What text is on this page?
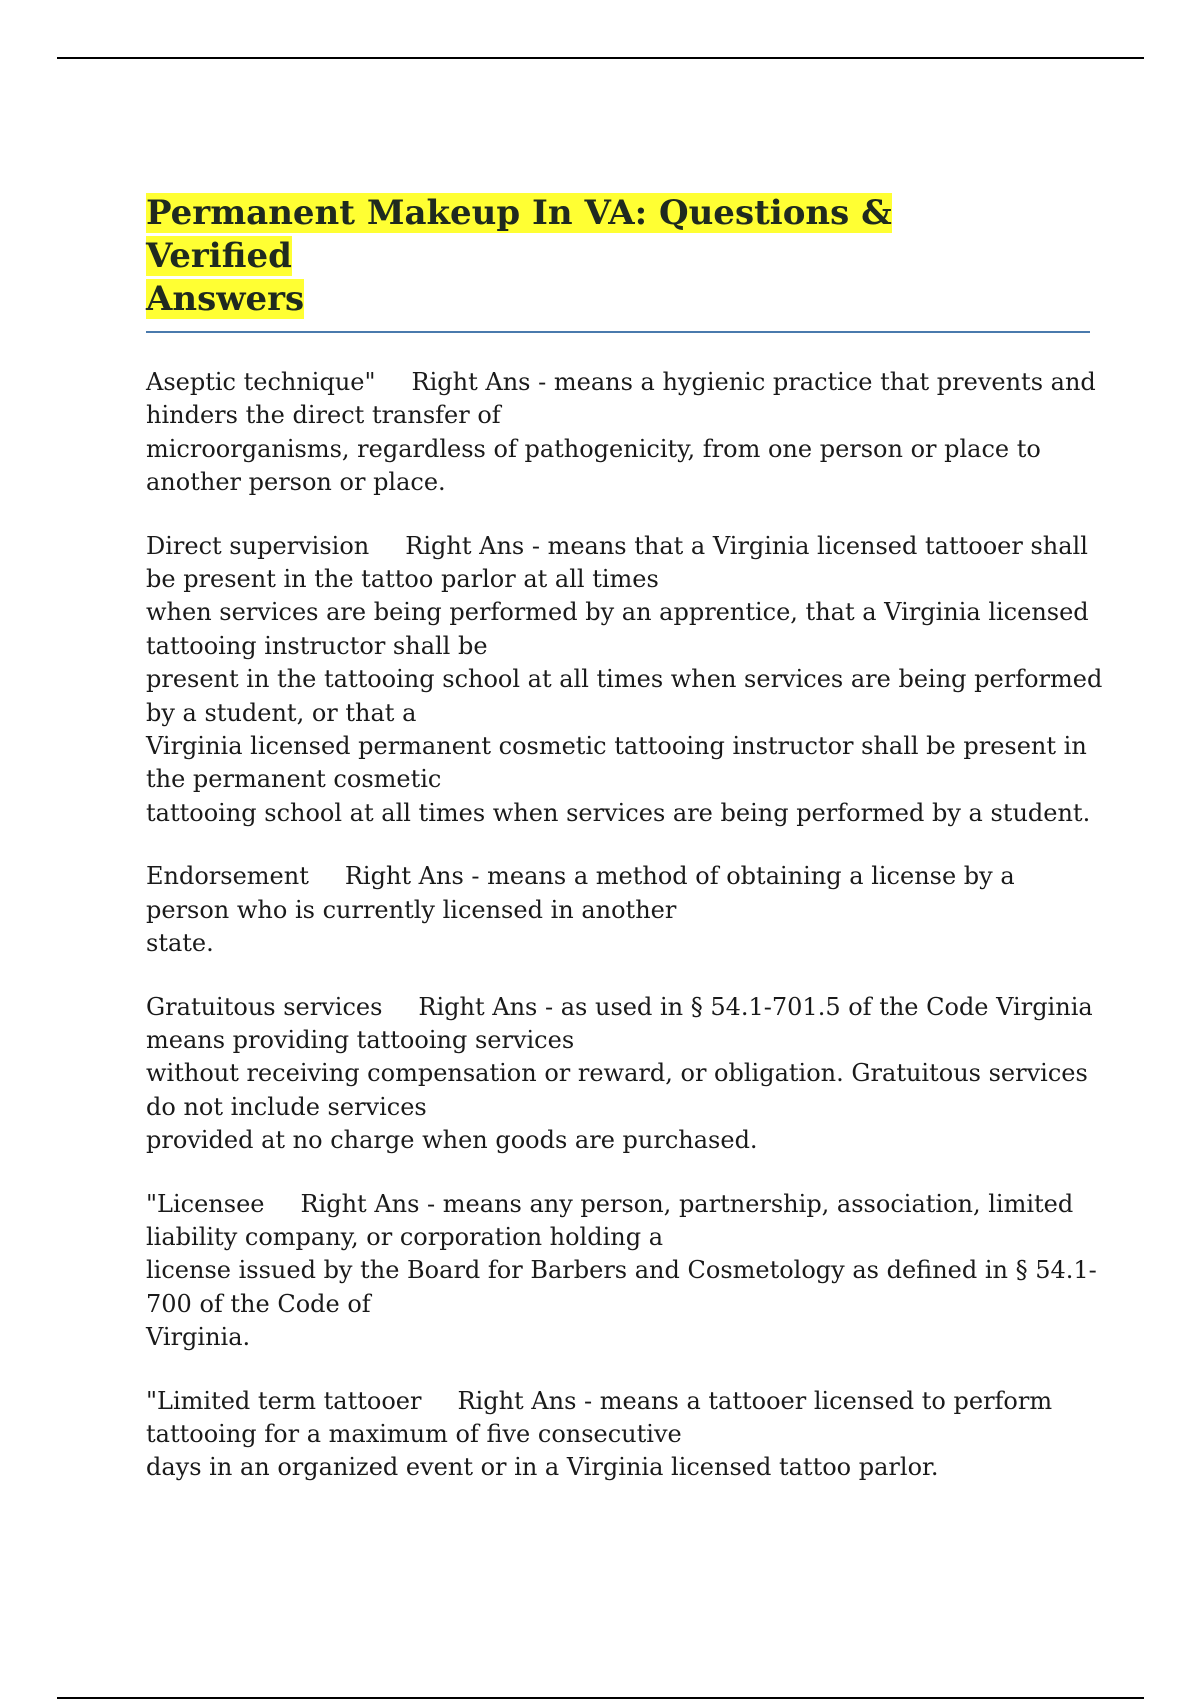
Permanent Makeup In VA: Questions & Verified
Answers

Aseptic technique" Right Ans - means a hygienic practice that prevents and
hinders the direct transfer of
microorganisms, regardless of pathogenicity, from one person or place to
another person or place.

Direct supervision Right Ans - means that a Virginia licensed tattooer shall
be present in the tattoo parlor at all times
when services are being performed by an apprentice, that a Virginia licensed
tattooing instructor shall be
present in the tattooing school at all times when services are being performed
by a student, or that a
Virginia licensed permanent cosmetic tattooing instructor shall be present in
the permanent cosmetic
tattooing school at all times when services are being performed by a student.

Endorsement Right Ans - means a method of obtaining a license by a
person who is currently licensed in another
state.

Gratuitous services Right Ans - as used in § 54.1-701.5 of the Code Virginia
means providing tattooing services
without receiving compensation or reward, or obligation. Gratuitous services
do not include services
provided at no charge when goods are purchased.

"Licensee Right Ans - means any person, partnership, association, limited
liability company, or corporation holding a
license issued by the Board for Barbers and Cosmetology as defined in § 54.1-
700 of the Code of
Virginia.

"Limited term tattooer Right Ans - means a tattooer licensed to perform
tattooing for a maximum of five consecutive
days in an organized event or in a Virginia licensed tattoo parlor.
